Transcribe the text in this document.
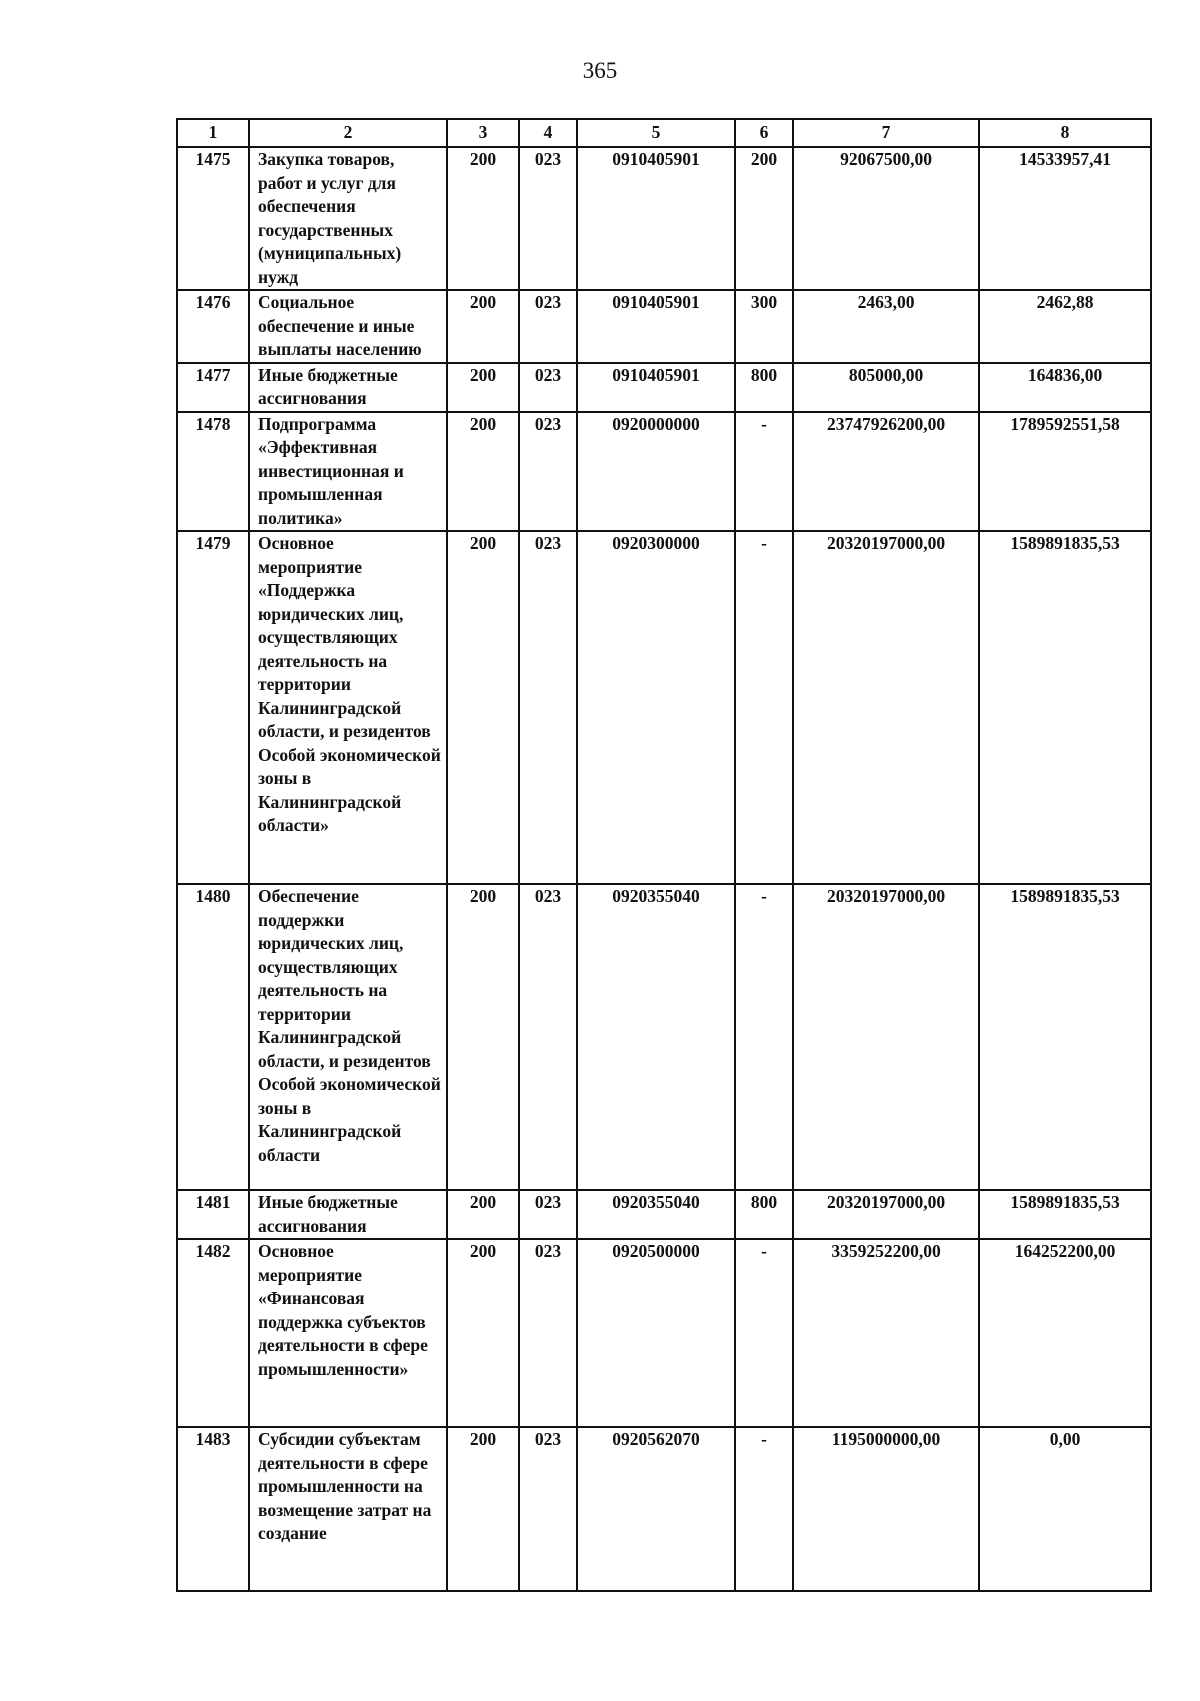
365
1	2	3	4	5	6	7	8
1475	Закупка товаров, работ и услуг для обеспечения государственных (муниципальных) нужд	200	023	0910405901	200	92067500,00	14533957,41
1476	Социальное обеспечение и иные выплаты населению	200	023	0910405901	300	2463,00	2462,88
1477	Иные бюджетные ассигнования	200	023	0910405901	800	805000,00	164836,00
1478	Подпрограмма «Эффективная инвестиционная и промышленная политика»	200	023	0920000000	-	23747926200,00	1789592551,58
1479	Основное мероприятие «Поддержка юридических лиц, осуществляющих деятельность на территории Калининградской области, и резидентов Особой экономической зоны в Калининградской области»	200	023	0920300000	-	20320197000,00	1589891835,53
1480	Обеспечение поддержки юридических лиц, осуществляющих деятельность на территории Калининградской области, и резидентов Особой экономической зоны в Калининградской области	200	023	0920355040	-	20320197000,00	1589891835,53
1481	Иные бюджетные ассигнования	200	023	0920355040	800	20320197000,00	1589891835,53
1482	Основное мероприятие «Финансовая поддержка субъектов деятельности в сфере промышленности»	200	023	0920500000	-	3359252200,00	164252200,00
1483	Субсидии субъектам деятельности в сфере промышленности на возмещение затрат на создание	200	023	0920562070	-	1195000000,00	0,00
